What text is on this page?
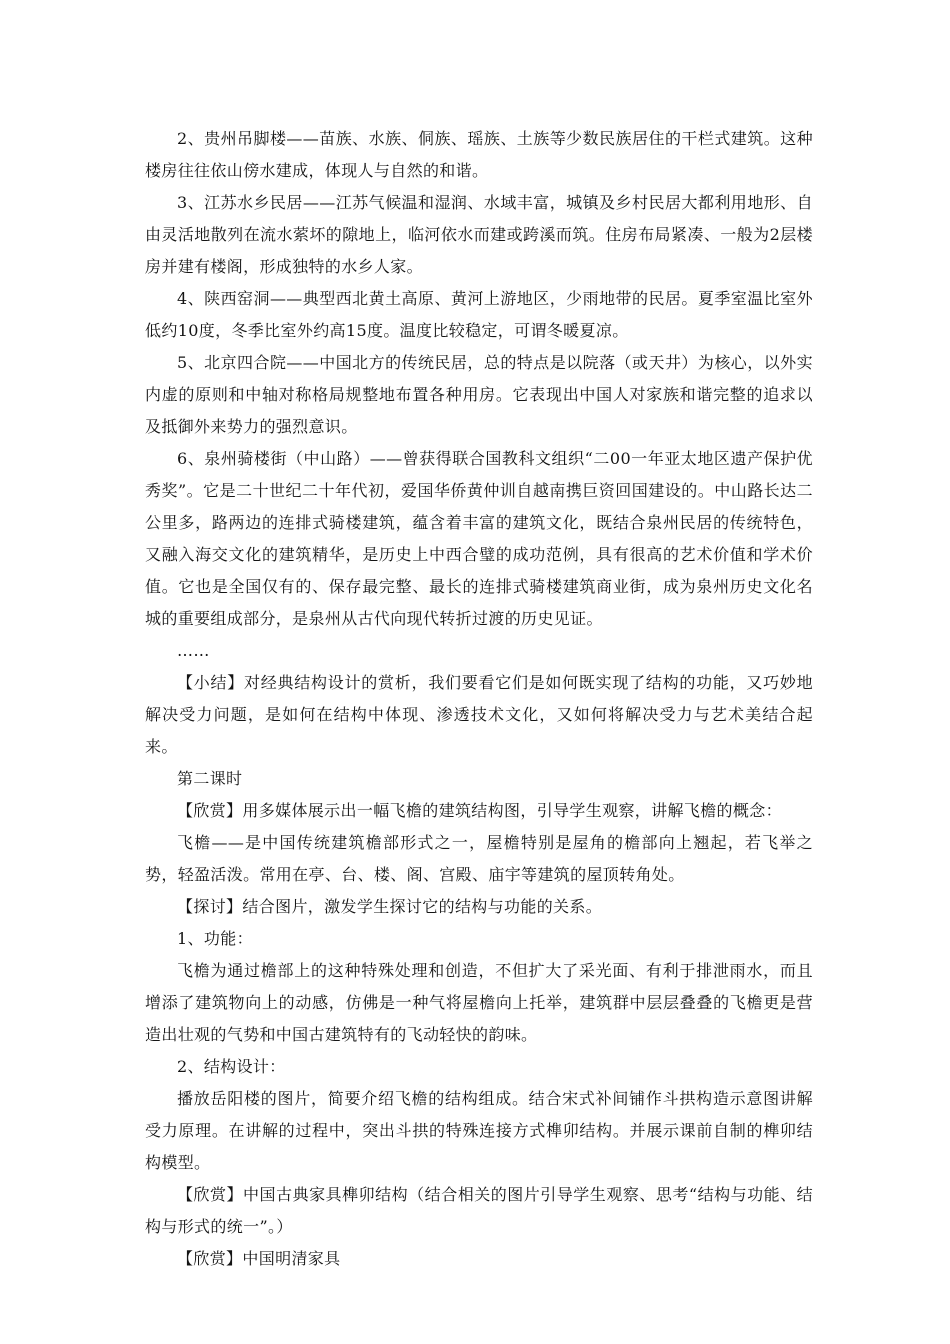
2、贵州吊脚楼——苗族、水族、侗族、瑶族、土族等少数民族居住的干栏式建筑。这种楼房往往依山傍水建成，体现人与自然的和谐。

3、江苏水乡民居——江苏气候温和湿润、水域丰富，城镇及乡村民居大都利用地形、自由灵活地散列在流水萦坏的隙地上，临河依水而建或跨溪而筑。住房布局紧凑、一般为2层楼房并建有楼阁，形成独特的水乡人家。

4、陕西窑洞——典型西北黄土高原、黄河上游地区，少雨地带的民居。夏季室温比室外低约10度，冬季比室外约高15度。温度比较稳定，可谓冬暖夏凉。

5、北京四合院——中国北方的传统民居，总的特点是以院落（或天井）为核心，以外实内虚的原则和中轴对称格局规整地布置各种用房。它表现出中国人对家族和谐完整的追求以及抵御外来势力的强烈意识。

6、泉州骑楼街（中山路）——曾获得联合国教科文组织“二00一年亚太地区遗产保护优秀奖”。它是二十世纪二十年代初，爱国华侨黄仲训自越南携巨资回国建设的。中山路长达二公里多，路两边的连排式骑楼建筑，蕴含着丰富的建筑文化，既结合泉州民居的传统特色，又融入海交文化的建筑精华，是历史上中西合璧的成功范例，具有很高的艺术价值和学术价值。它也是全国仅有的、保存最完整、最长的连排式骑楼建筑商业街，成为泉州历史文化名城的重要组成部分，是泉州从古代向现代转折过渡的历史见证。

……

【小结】对经典结构设计的赏析，我们要看它们是如何既实现了结构的功能，又巧妙地解决受力问题，是如何在结构中体现、渗透技术文化，又如何将解决受力与艺术美结合起来。

第二课时

【欣赏】用多媒体展示出一幅飞檐的建筑结构图，引导学生观察，讲解飞檐的概念：

飞檐——是中国传统建筑檐部形式之一，屋檐特别是屋角的檐部向上翘起，若飞举之势，轻盈活泼。常用在亭、台、楼、阁、宫殿、庙宇等建筑的屋顶转角处。

【探讨】结合图片，激发学生探讨它的结构与功能的关系。

1、功能：

飞檐为通过檐部上的这种特殊处理和创造，不但扩大了采光面、有利于排泄雨水，而且增添了建筑物向上的动感，仿佛是一种气将屋檐向上托举，建筑群中层层叠叠的飞檐更是营造出壮观的气势和中国古建筑特有的飞动轻快的韵味。

2、结构设计：

播放岳阳楼的图片，简要介绍飞檐的结构组成。结合宋式补间铺作斗拱构造示意图讲解受力原理。在讲解的过程中，突出斗拱的特殊连接方式榫卯结构。并展示课前自制的榫卯结构模型。

【欣赏】中国古典家具榫卯结构（结合相关的图片引导学生观察、思考“结构与功能、结构与形式的统一”。）

【欣赏】中国明清家具
